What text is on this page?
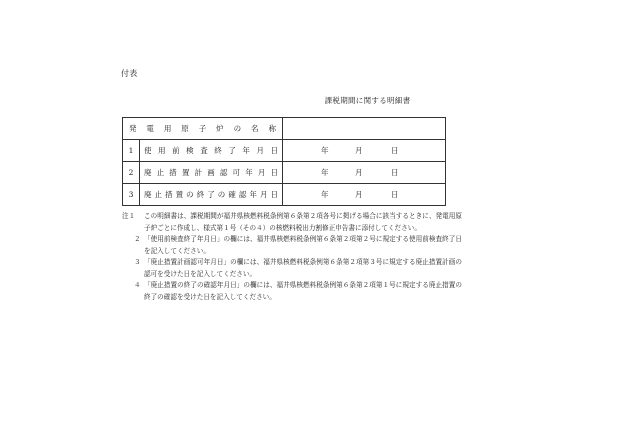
付表
課税期間に関する明細書
発電用原子炉の名称		
1	使用前検査終了年月日	年 月 日

2	廃止措置計画認可年月日	年 月 日

3	廃止措置の終了の確認年月日	年 月 日
注１	この明細書は、課税期間が福井県核燃料税条例第６条第２項各号に掲げる場合に該当するときに、発電用原子炉ごとに作成し、様式第１号（その４）の核燃料税出力割修正申告書に添付してください。
２ 「使用前検査終了年月日」の欄には、福井県核燃料税条例第６条第２項第２号に規定する使用前検査終了日を記入してください。
３ 「廃止措置計画認可年月日」の欄には、福井県核燃料税条例第６条第２項第３号に規定する廃止措置計画の認可を受けた日を記入してください。
４ 「廃止措置の終了の確認年月日」の欄には、福井県核燃料税条例第６条第２項第１号に規定する廃止措置の終了の確認を受けた日を記入してください。
